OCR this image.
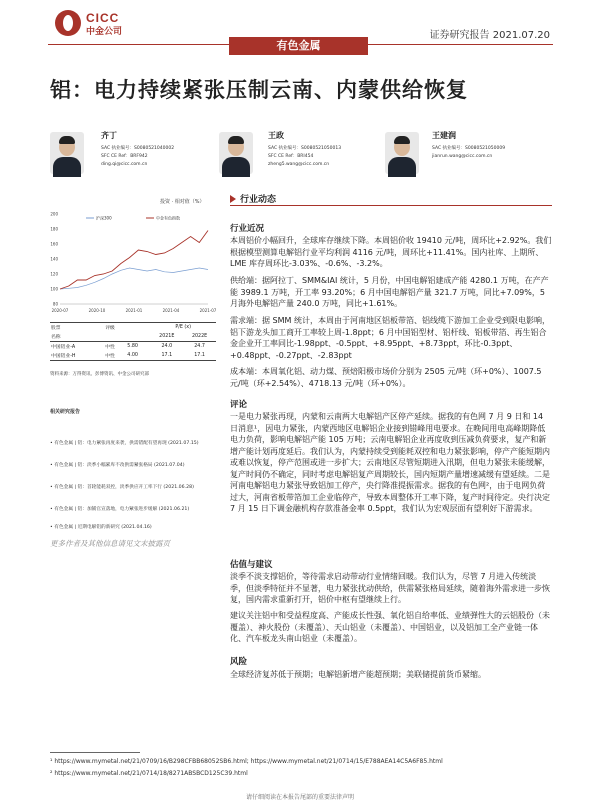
CICC
中金公司	证券研究报告 2021.07.20
有色金属
铝：电力持续紧张压制云南、内蒙供给恢复
齐丁
SAC 执业编号：S0080521040002
SFC CE Ref：BRF942
ding.qi@cicc.com.cn
王政
SAC 执业编号：S0080521050013
SFC CE Ref：BRI454
zheng5.wang@cicc.com.cn
王建润
SAC 执业编号：S0080521050009
jianrun.wang@cicc.com.cn
投资 · 相对值（%）
200
180
160
140
120
100
80
2020-07	2020-10	2021-01	2021-04	2021-07
沪深300	中金有色指数
股票		评级		P/E (x)	
名称				2021E	2022E
中国铝业-A		中性	5.80	24.0	24.7
中国铝业-H		中性	4.00	17.1	17.1
资料来源：万得资讯、彭博资讯、中金公司研究部
相关研究报告
• 有色金属 | 铝：电力紧张再度来袭，供需错配有望再现 (2021.07.15)
• 有色金属 | 铝：淡季小幅累库不改供需紧张格局 (2021.07.04)
• 有色金属 | 铝：首轮能耗双控，淡季供应开工率下行 (2021.06.28)
• 有色金属 | 铝：加铺官宣落地，电力紧张进步缓解 (2021.06.21)
• 有色金属 | 近期电解铝的新研究 (2021.04.16)
更多作者及其他信息请见文末披露页
行业动态
行业近况

本周铝价小幅回升，全球库存继续下降。本周铝价收 19410 元/吨，周环比+2.92%。我们根据模型测算电解铝行业平均利润 4116 元/吨，周环比+11.41%。国内社库、上期所、LME 库存周环比-3.03%、-0.6%、-3.2%。

供给端：据阿拉丁、SMM&IAI 统计，5 月份，中国电解铝建成产能 4280.1 万吨，在产产能 3989.1 万吨，开工率 93.20%；6 月中国电解铝产量 321.7 万吨，同比+7.09%，5 月海外电解铝产量 240.0 万吨，同比+1.61%。

需求端：据 SMM 统计，本周由于河南地区铝板带箔、铝线缆下游加工企业受到限电影响，铝下游龙头加工商开工率较上周-1.8ppt；6 月中国铝型材、铝杆线、铝板带箔、再生铝合金企业开工率同比-1.98ppt、-0.5ppt、+8.95ppt、+8.73ppt，环比-0.3ppt、+0.48ppt、-0.27ppt、-2.83ppt

成本端：本周氧化铝、动力煤、预焙阳极市场价分别为 2505 元/吨（环+0%）、1007.5 元/吨（环+2.54%）、4718.13 元/吨（环+0%）。

评论

一是电力紧张再现，内蒙和云南两大电解铝产区停产延续。据我的有色网 7 月 9 日和 14 日消息¹，因电力紧张，内蒙西地区电解铝企业接到错峰用电要求。在晚间用电高峰期降低电力负荷，影响电解铝产能 105 万吨；云南电解铝企业再度收到压减负荷要求，复产和新增产能计划再度延后。我们认为，内蒙持续受到能耗双控和电力紧张影响，停产产能短期内或难以恢复，停产范围或进一步扩大；云南地区尽管短期进入汛期，但电力紧张未能缓解，复产时间仍不确定，同时考虑电解铝复产周期较长，国内短期产量增速减缓有望延续。二是河南电解铝电力紧张导致铝加工停产，央行降准提振需求。据我的有色网²，由于电网负荷过大，河南省板带箔加工企业临停产，导致本周整体开工率下降，复产时间待定。央行决定 7 月 15 日下调金融机构存款准备金率 0.5ppt，我们认为宏观层面有望利好下游需求。

估值与建议

淡季不淡支撑铝价，等待需求启动带动行业情绪回暖。我们认为，尽管 7 月进入传统淡季，但淡季特征并不显著，电力紧张扰动供给，供需紧张格局延续，随着海外需求进一步恢复，国内需求重新打开，铝价中枢有望继续上行。

建议关注铝中和受益程度高、产能成长性强、氧化铝自给率低、业绩弹性大的云铝股份（未覆盖）、神火股份（未覆盖）、天山铝业（未覆盖）、中国铝业，以及铝加工全产业链一体化、汽车板龙头南山铝业（未覆盖）。

风险

全球经济复苏低于预期；电解铝新增产能超预期；美联储提前货币紧缩。

¹ https://www.mymetal.net/21/0709/16/B298CFBB68052SB6.html; https://www.mymetal.net/21/0714/15/E788AEA14C5A6F85.html
² https://www.mymetal.net/21/0714/18/8271ABSBCD125C39.html
请仔细阅读在本报告尾部的重要法律声明
